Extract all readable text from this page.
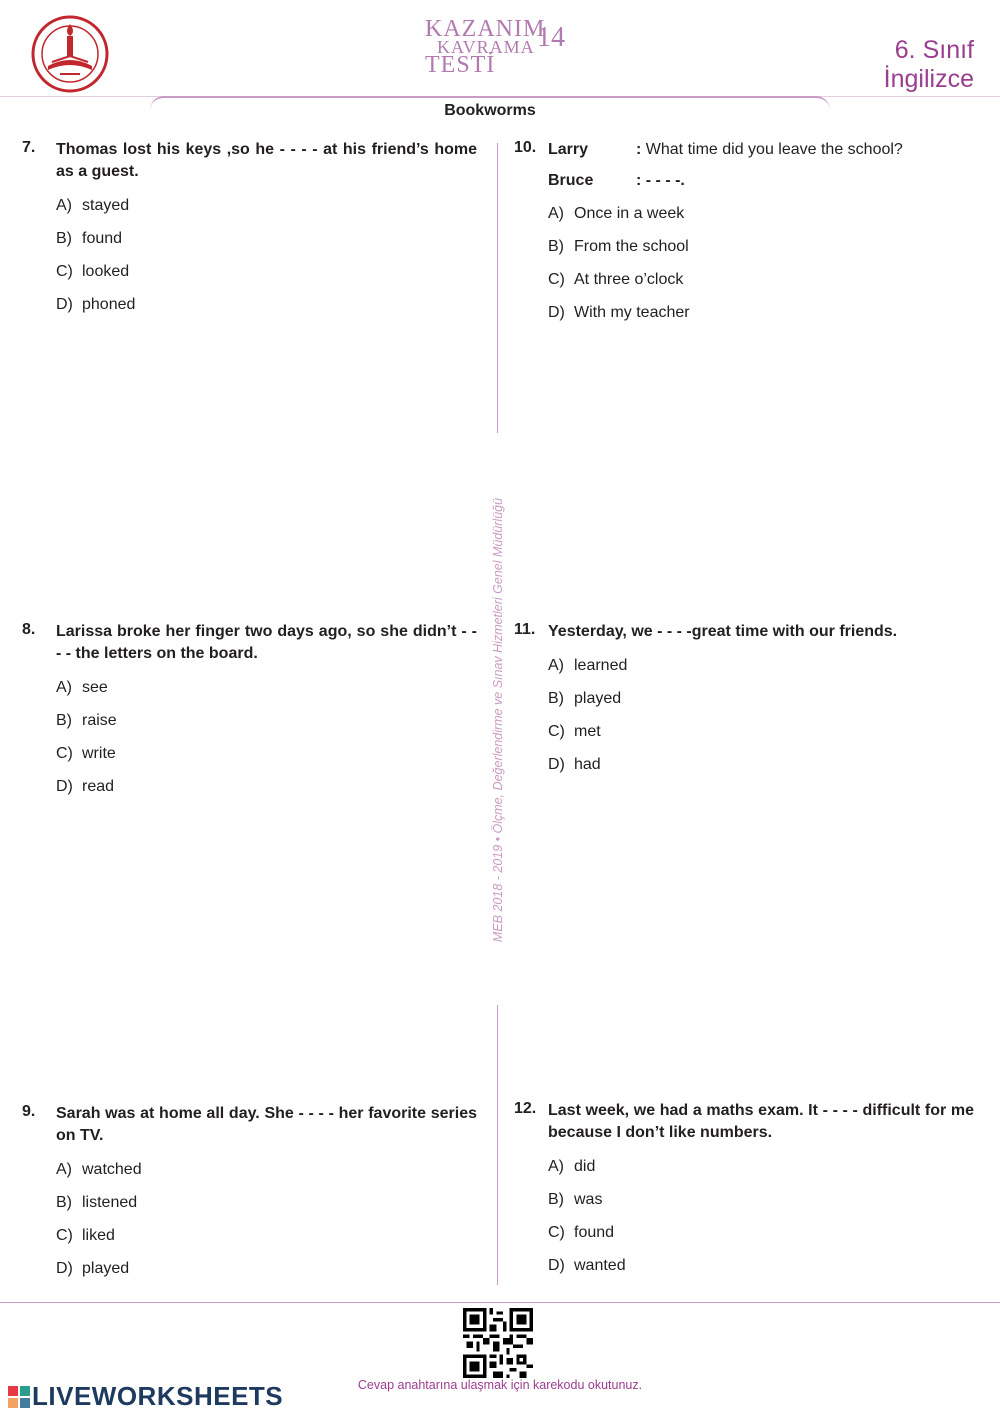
KAZANIM
KAVRAMA
TESTİ
14	6. Sınıf
İngilizce
Bookworms
MEB 2018 - 2019 • Ölçme, Değerlendirme ve Sınav Hizmetleri Genel Müdürlüğü
7. Thomas lost his keys ,so he - - - - at his friend’s home as a guest.
A) stayed
B) found
C) looked
D) phoned
8. Larissa broke her finger two days ago, so she didn’t - - - - the letters on the board.
A) see
B) raise
C) write
D) read
9. Sarah was at home all day. She - - - - her favorite series on TV.
A) watched
B) listened
C) liked
D) played
10. Larry	: What time did you leave the school?
Bruce	: - - - -.
A) Once in a week
B) From the school
C) At three o’clock
D) With my teacher
11. Yesterday, we - - - -great time with our friends.
A) learned
B) played
C) met
D) had
12. Last week, we had a maths exam. It - - - - difficult for me because I don’t like numbers.
A) did
B) was
C) found
D) wanted
Cevap anahtarına ulaşmak için karekodu okutunuz.
LIVEWORKSHEETS
